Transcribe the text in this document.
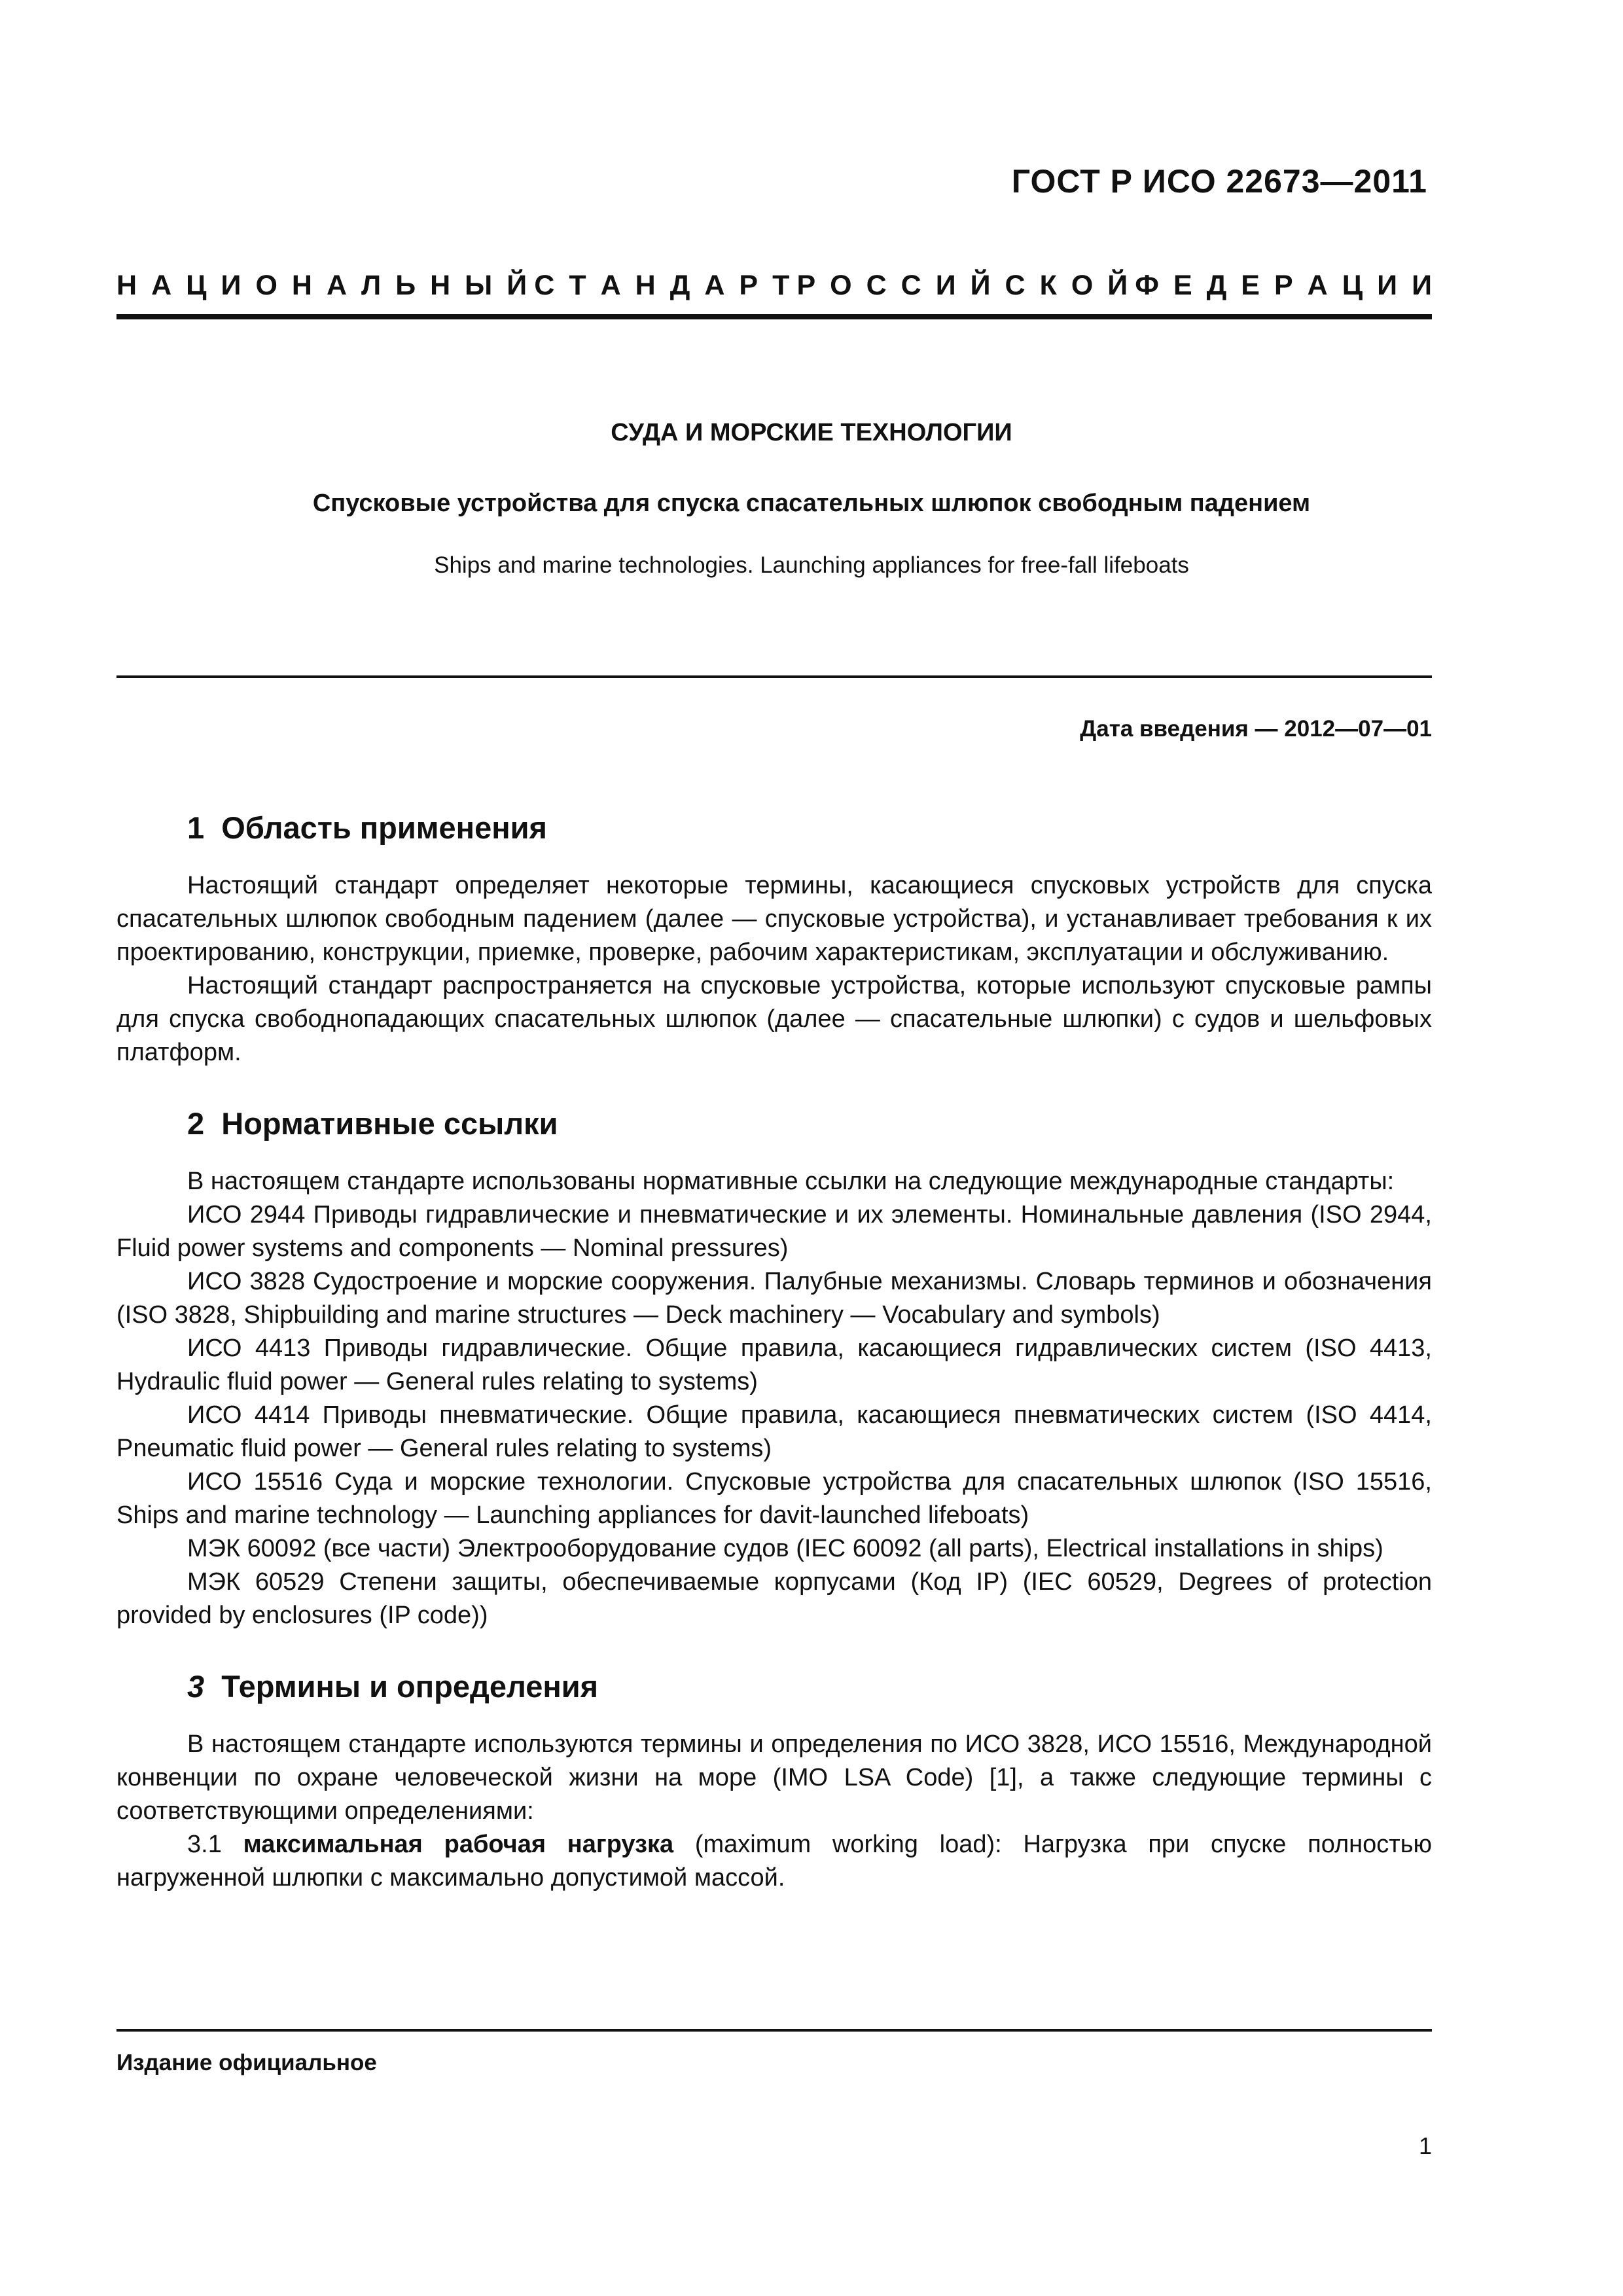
ГОСТ Р ИСО 22673—2011
Н А Ц И О Н А Л Ь Н Ы Й С Т А Н Д А Р Т Р О С С И Й С К О Й Ф Е Д Е Р А Ц И И
СУДА И МОРСКИЕ ТЕХНОЛОГИИ
Спусковые устройства для спуска спасательных шлюпок свободным падением
Ships and marine technologies. Launching appliances for free-fall lifeboats
Дата введения — 2012—07—01
1 Область применения

Настоящий стандарт определяет некоторые термины, касающиеся спусковых устройств для спуска спасательных шлюпок свободным падением (далее — спусковые устройства), и устанавливает требования к их проектированию, конструкции, приемке, проверке, рабочим характеристикам, эксплуатации и обслуживанию.

Настоящий стандарт распространяется на спусковые устройства, которые используют спусковые рампы для спуска свободнопадающих спасательных шлюпок (далее — спасательные шлюпки) с судов и шельфовых платформ.

2 Нормативные ссылки

В настоящем стандарте использованы нормативные ссылки на следующие международные стандарты:

ИСО 2944 Приводы гидравлические и пневматические и их элементы. Номинальные давления (ISO 2944, Fluid power systems and components — Nominal pressures)

ИСО 3828 Судостроение и морские сооружения. Палубные механизмы. Словарь терминов и обозначения (ISO 3828, Shipbuilding and marine structures — Deck machinery — Vocabulary and symbols)

ИСО 4413 Приводы гидравлические. Общие правила, касающиеся гидравлических систем (ISO 4413, Hydraulic fluid power — General rules relating to systems)

ИСО 4414 Приводы пневматические. Общие правила, касающиеся пневматических систем (ISO 4414, Pneumatic fluid power — General rules relating to systems)

ИСО 15516 Суда и морские технологии. Спусковые устройства для спасательных шлюпок (ISO 15516, Ships and marine technology — Launching appliances for davit-launched lifeboats)

МЭК 60092 (все части) Электрооборудование судов (IEC 60092 (all parts), Electrical installations in ships)

МЭК 60529 Степени защиты, обеспечиваемые корпусами (Код IP) (IEC 60529, Degrees of protection provided by enclosures (IP code))

3 Термины и определения

В настоящем стандарте используются термины и определения по ИСО 3828, ИСО 15516, Международной конвенции по охране человеческой жизни на море (IMO LSA Code) [1], а также следующие термины с соответствующими определениями:

3.1 максимальная рабочая нагрузка (maximum working load): Нагрузка при спуске полностью нагруженной шлюпки с максимально допустимой массой.

Издание официальное
1
